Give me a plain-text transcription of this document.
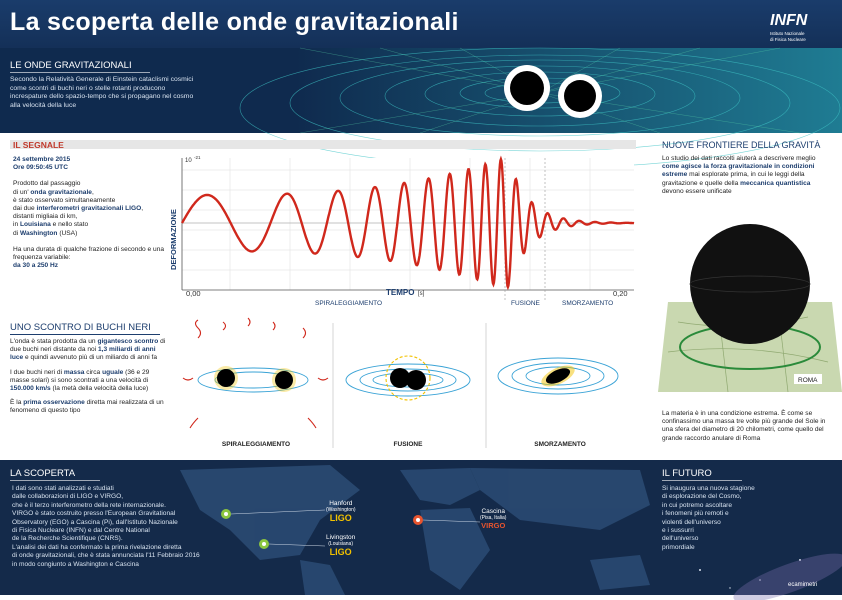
La scoperta delle onde gravitazionali	INFN
Istituto Nazionale
di Fisica Nucleare
LE ONDE GRAVITAZIONALI
Secondo la Relatività Generale di Einstein cataclismi cosmici come scontri di buchi neri o stelle rotanti producono increspature dello spazio-tempo che si propagano nel cosmo alla velocità della luce
IL SEGNALE
24 settembre 2015
Ore 09:50:45 UTC
Prodotto dal passaggio
di un' onda gravitazionale,
è stato osservato simultaneamente
dai due interferometri gravitazionali LIGO,
distanti migliaia di km,
in Louisiana e nello stato
di Washington (USA)
Ha una durata di qualche frazione di secondo e una frequenza variabile:
da 30 a 250 Hz
10
-21
0,00	0,20
TEMPO [s]
SPIRALEGGIAMENTO	FUSIONE	SMORZAMENTO
DEFORMAZIONE
UNO SCONTRO DI BUCHI NERI
L'onda è stata prodotta da un gigantesco scontro di due buchi neri distante da noi 1,3 miliardi di anni luce e quindi avvenuto più di un miliardo di anni fa
I due buchi neri di massa circa uguale (36 e 29 masse solari) si sono scontrati a una velocità di 150.000 km/s (la metà della velocità della luce)
È la prima osservazione diretta mai realizzata di un fenomeno di questo tipo
SPIRALEGGIAMENTO	FUSIONE	SMORZAMENTO
NUOVE FRONTIERE DELLA GRAVITÀ
Lo studio dei dati raccolti aiuterà a descrivere meglio come agisce la forza gravitazionale in condizioni estreme mai esplorate prima, in cui le leggi della gravitazione e quelle della meccanica quantistica devono essere unificate
ROMA
La materia è in una condizione estrema. È come se confinassimo una massa tre volte più grande del Sole in una sfera del diametro di 20 chilometri, come quello del grande raccordo anulare di Roma
LA SCOPERTA
I dati sono stati analizzati e studiati
dalle collaborazioni di LIGO e VIRGO,
che è il terzo interferometro della rete internazionale.
VIRGO è stato costruito presso l'European Gravitational
Observatory (EGO) a Cascina (Pi), dall'Istituto Nazionale
di Fisica Nucleare (INFN) e dal Centre National
de la Recherche Scientifique (CNRS).
L'analisi dei dati ha confermato la prima rivelazione diretta
di onde gravitazionali, che è stata annunciata l'11 Febbraio 2016
in modo congiunto a Washington e Cascina
Hanford
(Washington)
LIGO
Livingston
(Louisiana)
LIGO
Cascina
(Pisa, Italia)
VIRGO
IL FUTURO
Si inaugura una nuova stagione
di esplorazione del Cosmo,
in cui potremo ascoltare
i fenomeni più remoti e
violenti dell'universo
e i sussurri
dell'universo
primordiale
ecamimetri
